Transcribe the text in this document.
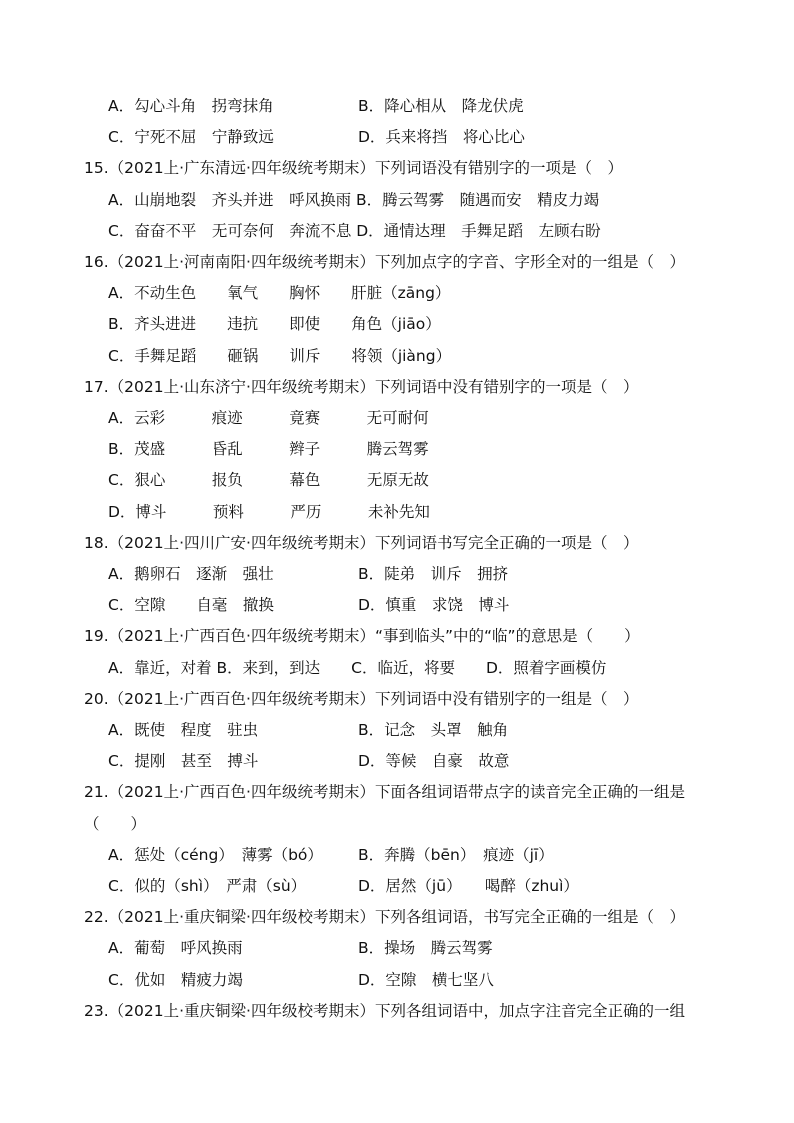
A．勾心斗角　拐弯抹角	B．降心相从　降龙伏虎
C．宁死不屈　宁静致远	D．兵来将挡　将心比心
15.（2021上·广东清远·四年级统考期末）下列词语没有错别字的一项是（　）
A．山崩地裂　齐头并进　呼风换雨 B．腾云驾雾　随遇而安　精皮力竭
C．奋奋不平　无可奈何　奔流不息 D．通情达理　手舞足蹈　左顾右盼
16.（2021上·河南南阳·四年级统考期末）下列加点字的字音、字形全对的一组是（　）
A．不动生色　　氧气　　胸怀　　肝脏（zāng）
B．齐头进进　　违抗　　即使　　角色（jiāo）
C．手舞足蹈　　砸锅　　训斥　　将领（jiàng）
17.（2021上·山东济宁·四年级统考期末）下列词语中没有错别字的一项是（　）
A．云彩　　　痕迹　　　竟赛　　　无可耐何
B．茂盛　　　昏乱　　　辫子　　　腾云驾雾
C．狠心　　　报负　　　幕色　　　无原无故
D．博斗　　　预料　　　严历　　　未补先知
18.（2021上·四川广安·四年级统考期末）下列词语书写完全正确的一项是（　）
A．鹅卵石　逐渐　强壮	B．陡弟　训斥　拥挤
C．空隙　　自毫　撤换	D．慎重　求饶　博斗
19.（2021上·广西百色·四年级统考期末）“事到临头”中的“临”的意思是（　　）
A．靠近，对着 B．来到，到达　　C．临近，将要　　D．照着字画模仿
20.（2021上·广西百色·四年级统考期末）下列词语中没有错别字的一组是（　）
A．既使　程度　驻虫	B．记念　头罩　触角
C．提刚　甚至　搏斗	D．等候　自豪　故意
21.（2021上·广西百色·四年级统考期末）下面各组词语带点字的读音完全正确的一组是
（　　）
A．惩处（céng）　薄雾（bó） B．奔腾（bēn）　痕迹（jī）
C．似的（shì）　严肃（sù）	D．居然（jū）　　喝醉（zhuì）
22.（2021上·重庆铜梁·四年级校考期末）下列各组词语，书写完全正确的一组是（　）
A．葡萄　呼风换雨	B．操场　腾云驾雾
C．优如　精疲力竭	D．空隙　横七坚八
23.（2021上·重庆铜梁·四年级校考期末）下列各组词语中，加点字注音完全正确的一组
